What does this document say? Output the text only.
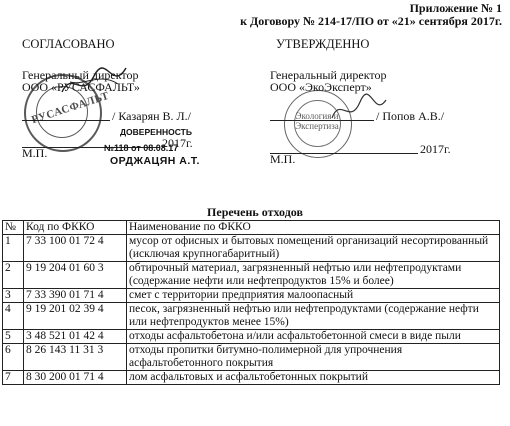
Приложение № 1
к Договору № 214-17/ПО от «21» сентября 2017г.
СОГЛАСОВАНО
Генеральный директор
ООО «РУСАСФАЛЬТ»
/ Казарян В. Л./
2017г.
М.П.
РУСАСФАЛЬТ
ДОВЕРЕННОСТЬ
№118 от 08.08.17
ОРДЖАЦЯН А.Т.
УТВЕРЖДЕННО
Генеральный директор
ООО «ЭкоЭксперт»
/ Попов А.В./
2017г.
М.П.
Экология и Экспертиза
Перечень отходов
№	Код по ФККО	Наименование по ФККО
1	7 33 100 01 72 4	мусор от офисных и бытовых помещений организаций несортированный (исключая крупногабаритный)
2	9 19 204 01 60 3	обтирочный материал, загрязненный нефтью или нефтепродуктами (содержание нефти или нефтепродуктов 15% и более)
3	7 33 390 01 71 4	смет с территории предприятия малоопасный
4	9 19 201 02 39 4	песок, загрязненный нефтью или нефтепродуктами (содержание нефти или нефтепродуктов менее 15%)
5	3 48 521 01 42 4	отходы асфальтобетона и/или асфальтобетонной смеси в виде пыли
6	8 26 143 11 31 3	отходы пропитки битумно-полимерной для упрочнения асфальтобетонного покрытия
7	8 30 200 01 71 4	лом асфальтовых и асфальтобетонных покрытий
